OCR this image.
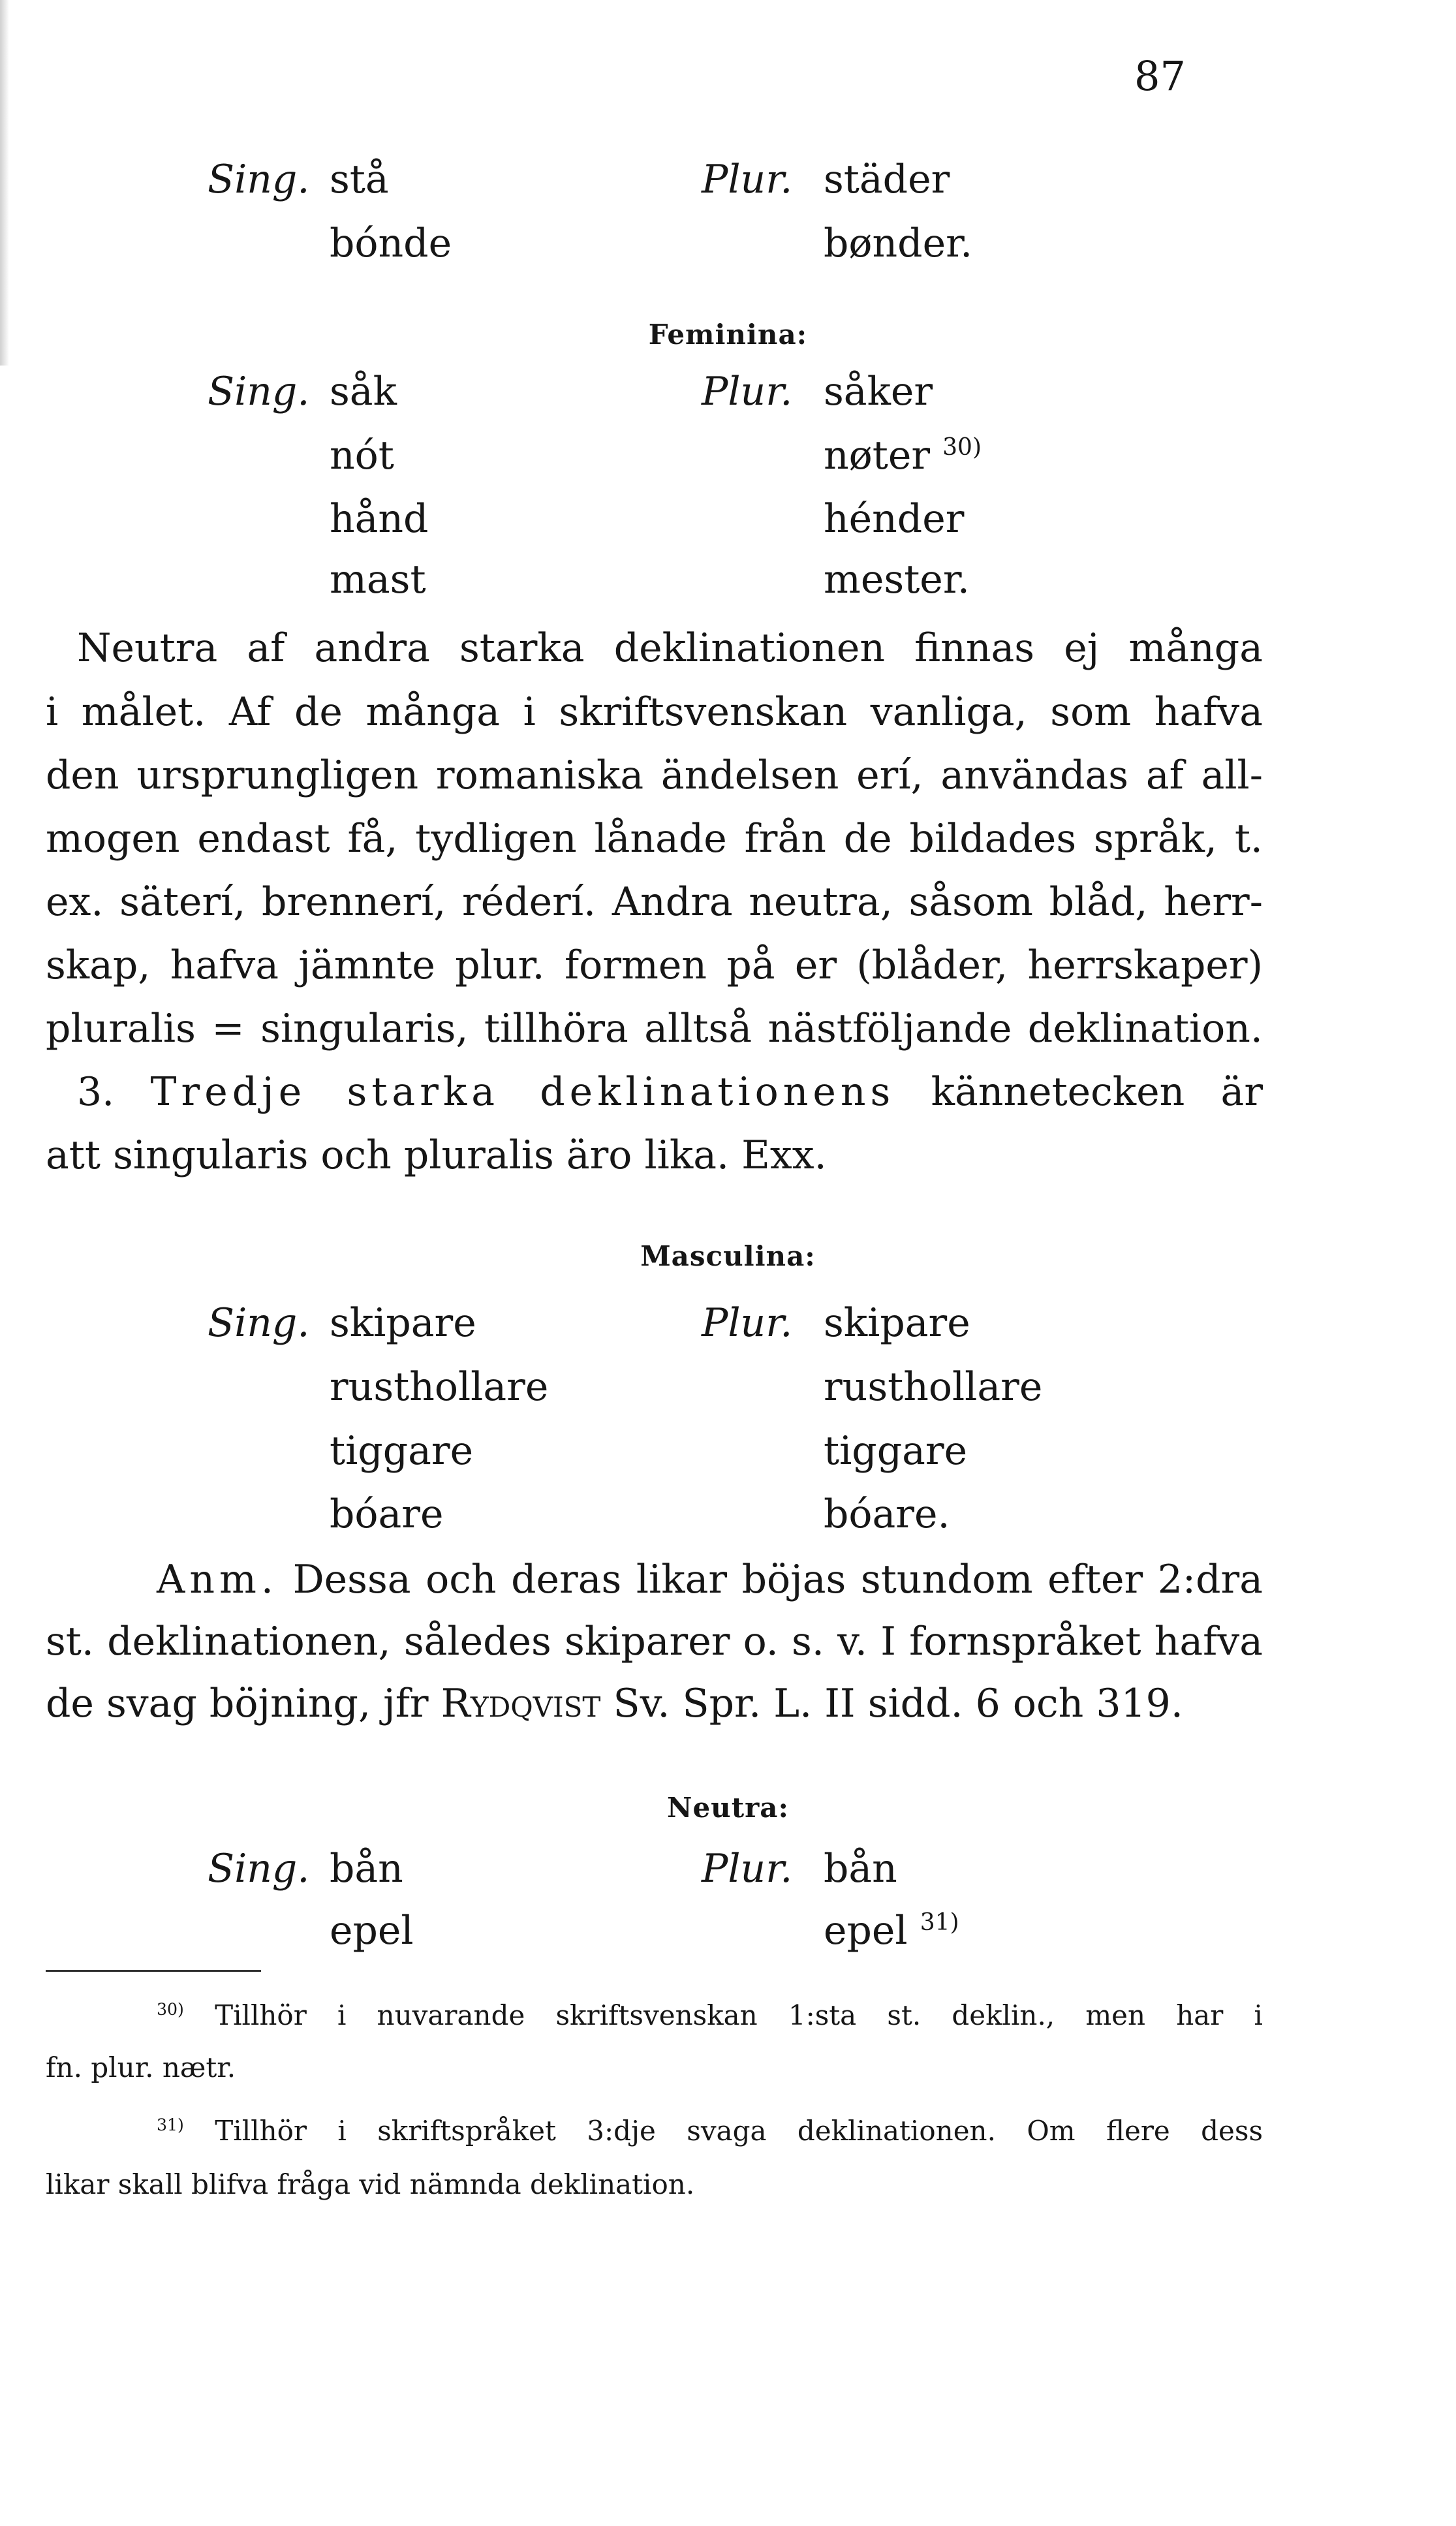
87
Sing. stå	Plur. städer
bónde	bønder.
Feminina:
Sing. såk	Plur. såker
nót	nøter $^{30)}$
hånd	hénder
mast	mester.
Neutra af andra starka deklinationen finnas ej många
i målet. Af de många i skriftsvenskan vanliga, som hafva
den ursprungligen romaniska ändelsen erí, användas af all-
mogen endast få, tydligen lånade från de bildades språk, t.
ex. säterí, brennerí, réderí. Andra neutra, såsom blåd, herr-
skap, hafva jämnte plur. formen på er (blåder, herrskaper)
pluralis = singularis, tillhöra alltså nästföljande deklination.
3. Tredje starka deklinationens kännetecken är
att singularis och pluralis äro lika. Exx.
Masculina:
Sing. skipare	Plur. skipare
rusthollare	rusthollare
tiggare	tiggare
bóare	bóare.
Anm. Dessa och deras likar böjas stundom efter 2:dra
st. deklinationen, således skiparer o. s. v. I fornspråket hafva
de svag böjning, jfr Rydqvist Sv. Spr. L. II sidd. 6 och 319.
Neutra:
Sing. bån	Plur. bån
epel	epel $^{31)}$
$^{30)}$ Tillhör i nuvarande skriftsvenskan 1:sta st. deklin., men har i
fn. plur. nætr.
$^{31)}$ Tillhör i skriftspråket 3:dje svaga deklinationen. Om flere dess
likar skall blifva fråga vid nämnda deklination.
